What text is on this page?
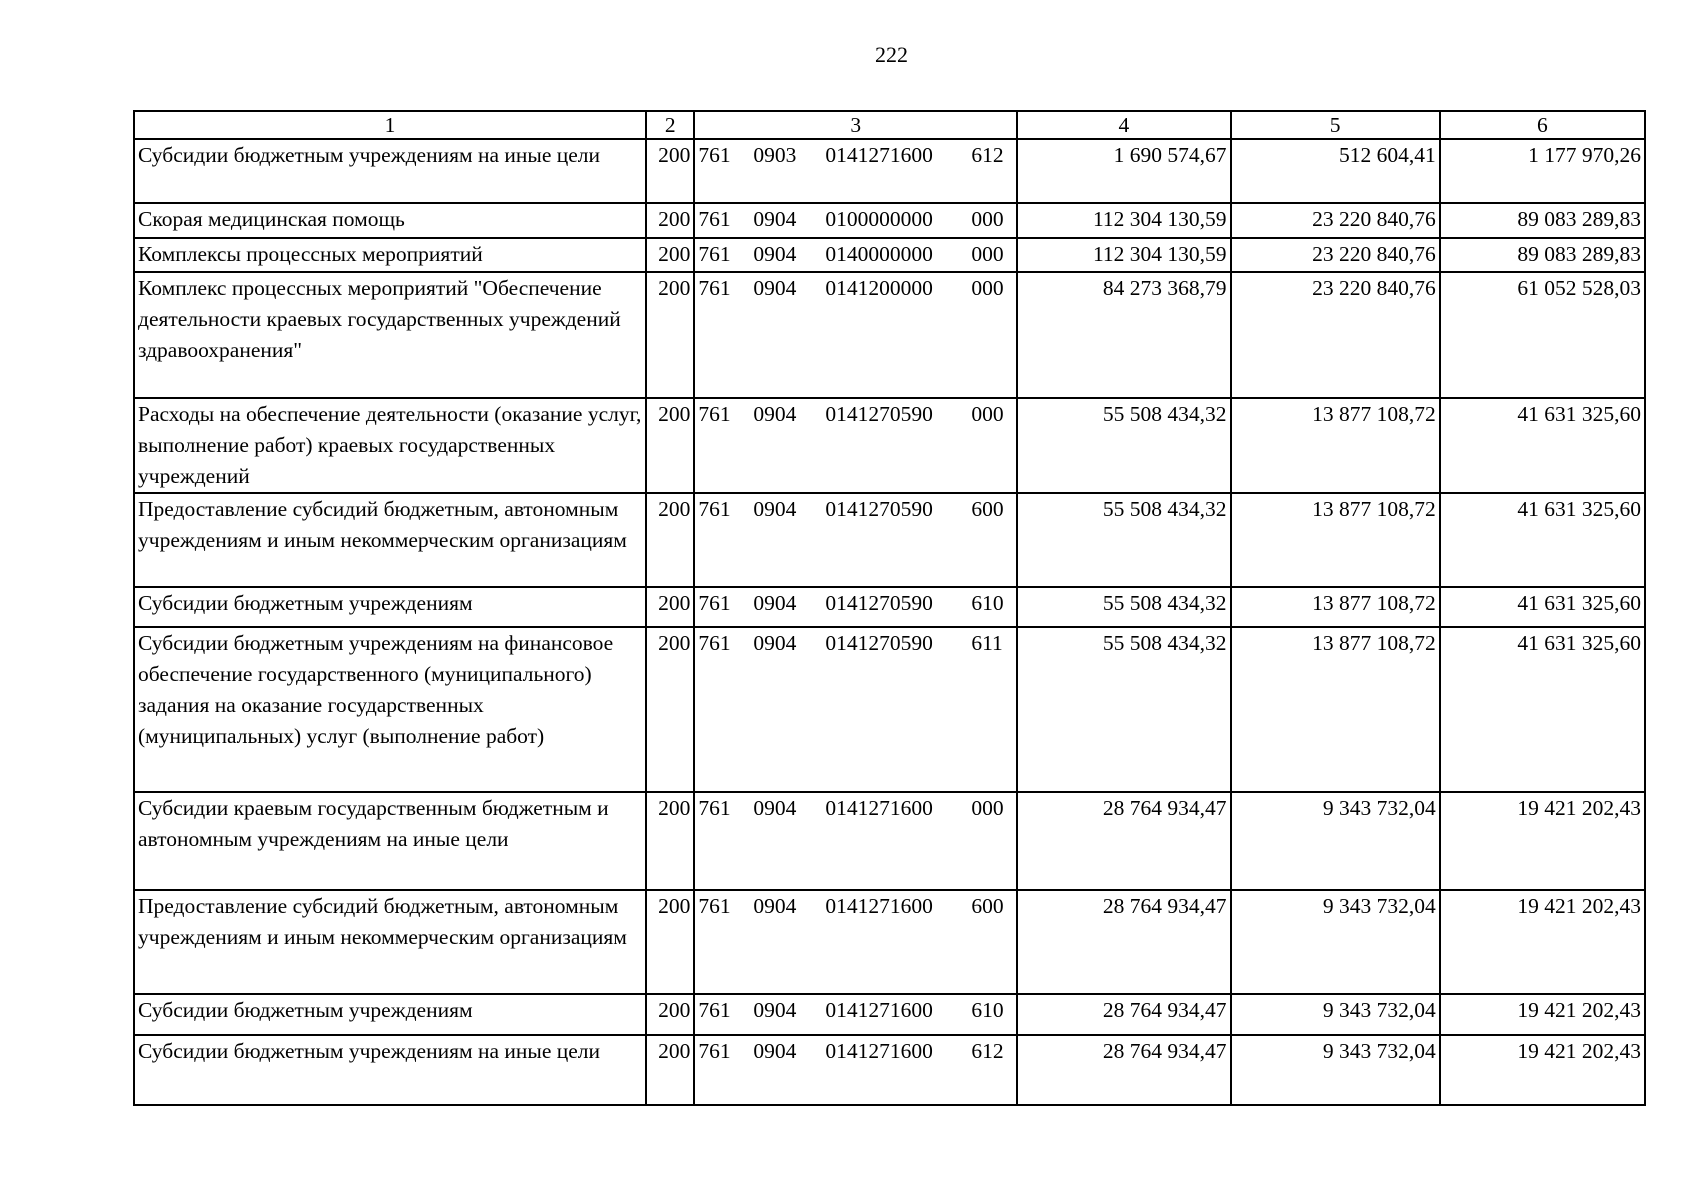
222
1	2	3	4	5	6
Субсидии бюджетным учреждениям на иные цели	200	761 0903 0141271600 612	1 690 574,67	512 604,41	1 177 970,26
Скорая медицинская помощь	200	761 0904 0100000000 000	112 304 130,59	23 220 840,76	89 083 289,83
Комплексы процессных мероприятий	200	761 0904 0140000000 000	112 304 130,59	23 220 840,76	89 083 289,83
Комплекс процессных мероприятий "Обеспечение деятельности краевых государственных учреждений здравоохранения"	200	761 0904 0141200000 000	84 273 368,79	23 220 840,76	61 052 528,03
Расходы на обеспечение деятельности (оказание услуг, выполнение работ) краевых государственных учреждений	200	761 0904 0141270590 000	55 508 434,32	13 877 108,72	41 631 325,60
Предоставление субсидий бюджетным, автономным учреждениям и иным некоммерческим организациям	200	761 0904 0141270590 600	55 508 434,32	13 877 108,72	41 631 325,60
Субсидии бюджетным учреждениям	200	761 0904 0141270590 610	55 508 434,32	13 877 108,72	41 631 325,60
Субсидии бюджетным учреждениям на финансовое обеспечение государственного (муниципального) задания на оказание государственных (муниципальных) услуг (выполнение работ)	200	761 0904 0141270590 611	55 508 434,32	13 877 108,72	41 631 325,60
Субсидии краевым государственным бюджетным и автономным учреждениям на иные цели	200	761 0904 0141271600 000	28 764 934,47	9 343 732,04	19 421 202,43
Предоставление субсидий бюджетным, автономным учреждениям и иным некоммерческим организациям	200	761 0904 0141271600 600	28 764 934,47	9 343 732,04	19 421 202,43
Субсидии бюджетным учреждениям	200	761 0904 0141271600 610	28 764 934,47	9 343 732,04	19 421 202,43
Субсидии бюджетным учреждениям на иные цели	200	761 0904 0141271600 612	28 764 934,47	9 343 732,04	19 421 202,43
